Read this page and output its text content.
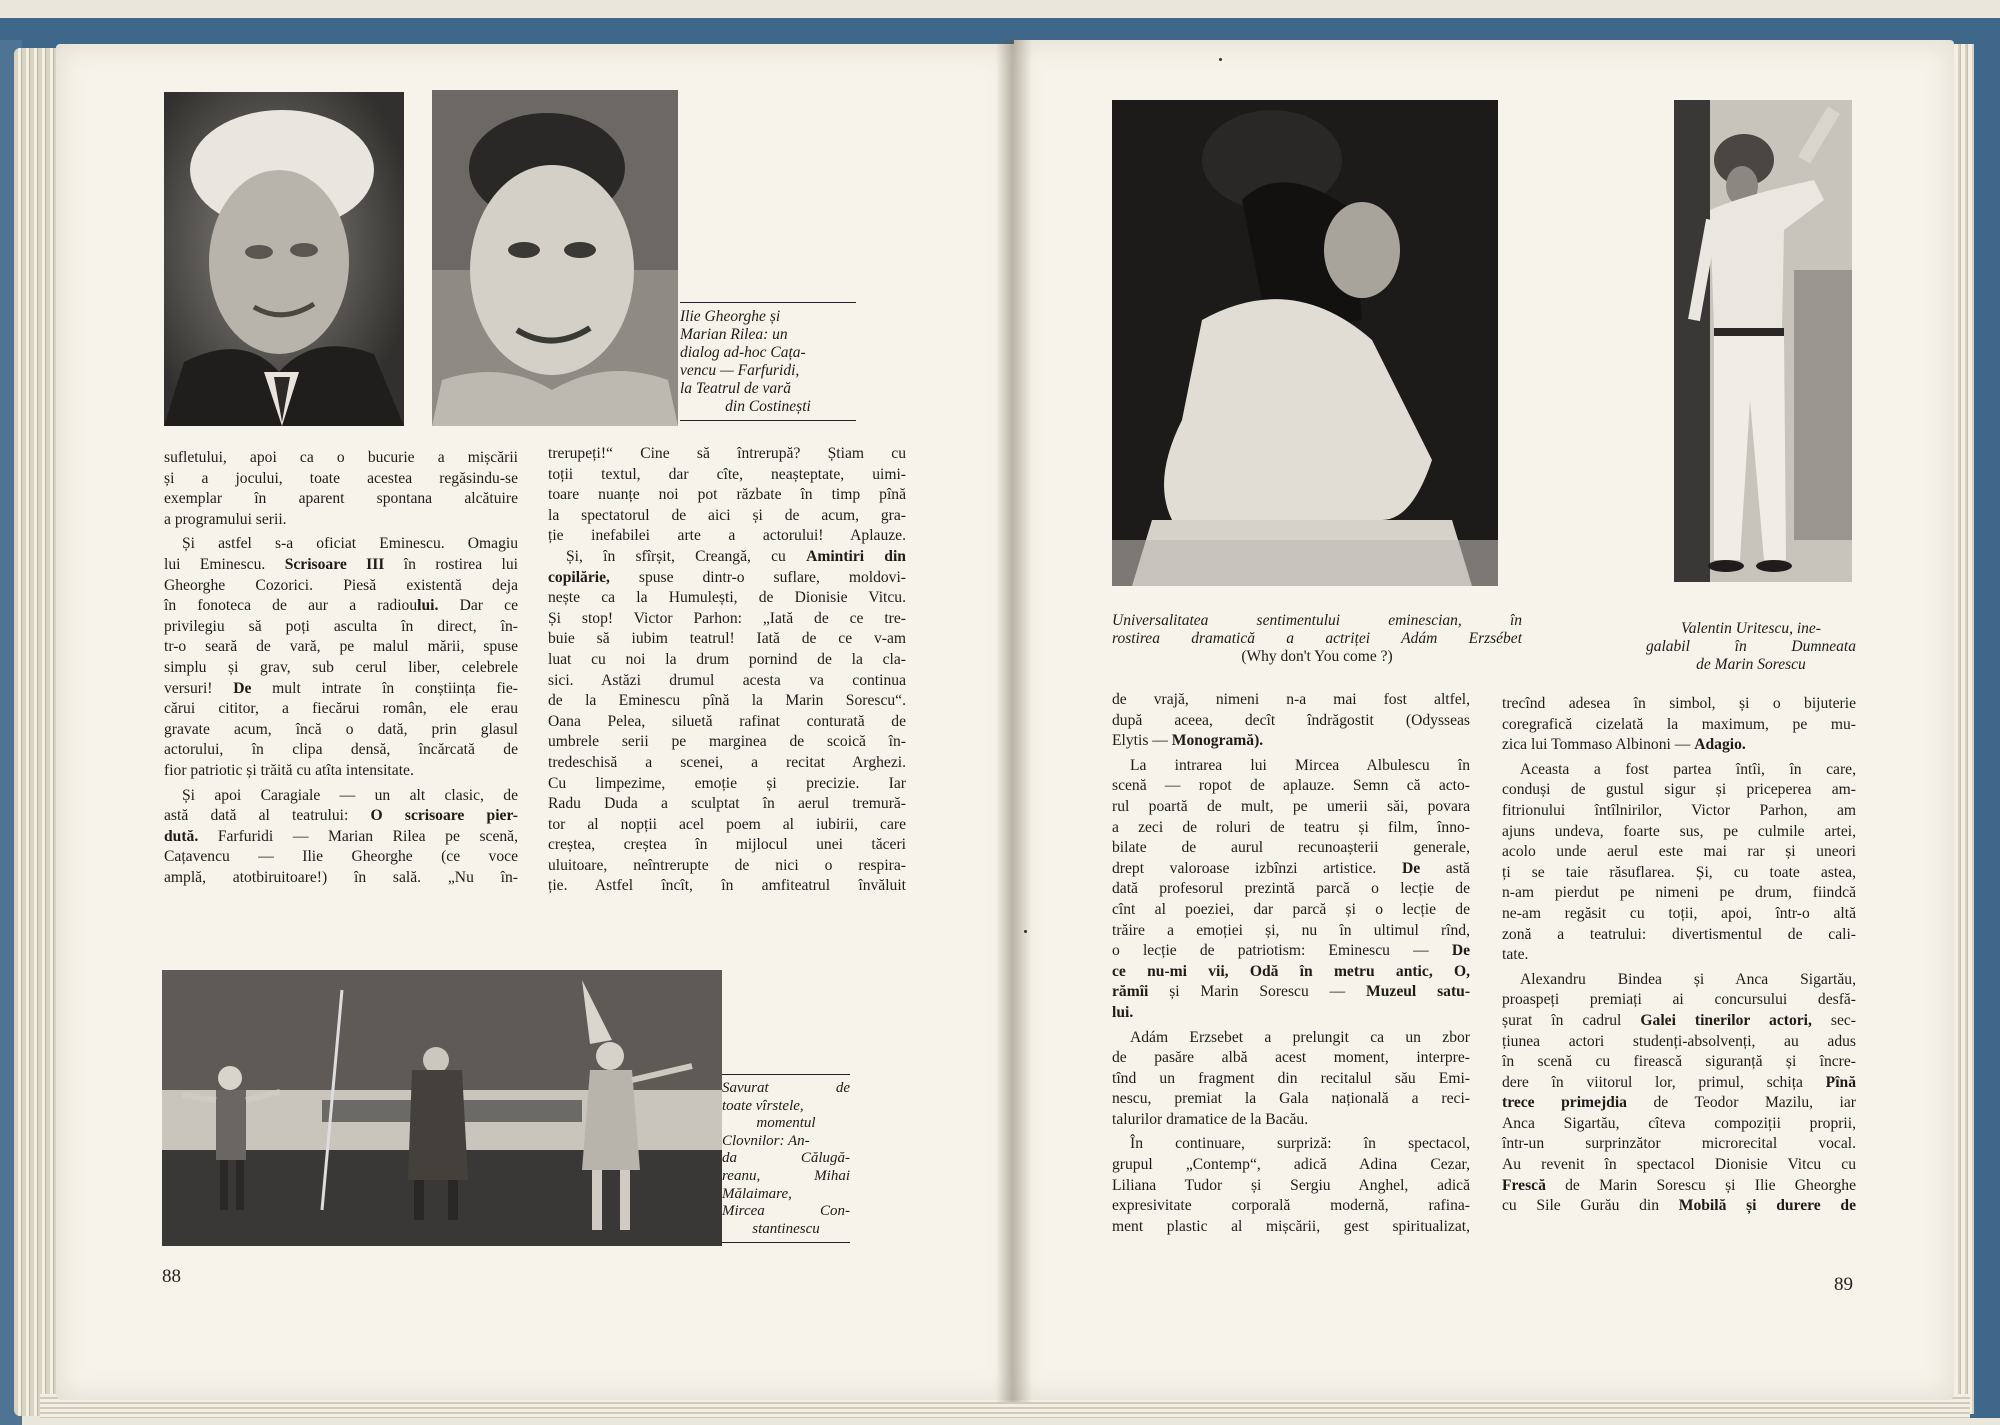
Ilie Gheorghe și
Marian Rilea: un
dialog ad-hoc Cața-
vencu — Farfuridi,
la Teatrul de vară
din Costinești
sufletului, apoi ca o bucurie a mișcării
și a jocului, toate acestea regăsindu-se
exemplar în aparent spontana alcătuire
a programului serii.
Și astfel s-a oficiat Eminescu. Omagiu
lui Eminescu. Scrisoare III în rostirea lui
Gheorghe Cozorici. Piesă existentă deja
în fonoteca de aur a radioului. Dar ce
privilegiu să poți asculta în direct, în-
tr-o seară de vară, pe malul mării, spuse
simplu și grav, sub cerul liber, celebrele
versuri! De mult intrate în conștiința fie-
cărui cititor, a fiecărui român, ele erau
gravate acum, încă o dată, prin glasul
actorului, în clipa densă, încărcată de
fior patriotic și trăită cu atîta intensitate.
Și apoi Caragiale — un alt clasic, de
astă dată al teatrului: O scrisoare pier-
dută. Farfuridi — Marian Rilea pe scenă,
Cațavencu — Ilie Gheorghe (ce voce
amplă, atotbiruitoare!) în sală. „Nu în-
trerupeți!“ Cine să întrerupă? Știam cu
toții textul, dar cîte, neașteptate, uimi-
toare nuanțe noi pot răzbate în timp pînă
la spectatorul de aici și de acum, gra-
ție inefabilei arte a actorului! Aplauze.
Și, în sfîrșit, Creangă, cu Amintiri din
copilărie, spuse dintr-o suflare, moldovi-
nește ca la Humulești, de Dionisie Vitcu.
Și stop! Victor Parhon: „Iată de ce tre-
buie să iubim teatrul! Iată de ce v-am
luat cu noi la drum pornind de la cla-
sici. Astăzi drumul acesta va continua
de la Eminescu pînă la Marin Sorescu“.
Oana Pelea, siluetă rafinat conturată de
umbrele serii pe marginea de scoică în-
tredeschisă a scenei, a recitat Arghezi.
Cu limpezime, emoție și precizie. Iar
Radu Duda a sculptat în aerul tremură-
tor al nopții acel poem al iubirii, care
creștea, creștea în mijlocul unei tăceri
uluitoare, neîntrerupte de nici o respira-
ție. Astfel încît, în amfiteatrul învăluit
Savurat de
toate vîrstele,
momentul
Clovnilor: An-
da Călugă-
reanu, Mihai
Mălaimare,
Mircea Con-
stantinescu
88
Universalitatea sentimentului eminescian, în
rostirea dramatică a actriței Adám Erzsébet
(Why don't You come ?)
Valentin Uritescu, ine-
galabil în Dumneata
de Marin Sorescu
de vrajă, nimeni n-a mai fost altfel,
după aceea, decît îndrăgostit (Odysseas
Elytis — Monogramă).
La intrarea lui Mircea Albulescu în
scenă — ropot de aplauze. Semn că acto-
rul poartă de mult, pe umerii săi, povara
a zeci de roluri de teatru și film, înno-
bilate de aurul recunoașterii generale,
drept valoroase izbînzi artistice. De astă
dată profesorul prezintă parcă o lecție de
cînt al poeziei, dar parcă și o lecție de
trăire a emoției și, nu în ultimul rînd,
o lecție de patriotism: Eminescu — De
ce nu-mi vii, Odă în metru antic, O,
rămîi și Marin Sorescu — Muzeul satu-
lui.
Adám Erzsebet a prelungit ca un zbor
de pasăre albă acest moment, interpre-
tînd un fragment din recitalul său Emi-
nescu, premiat la Gala națională a reci-
talurilor dramatice de la Bacău.
În continuare, surpriză: în spectacol,
grupul „Contemp“, adică Adina Cezar,
Liliana Tudor și Sergiu Anghel, adică
expresivitate corporală modernă, rafina-
ment plastic al mișcării, gest spiritualizat,
trecînd adesea în simbol, și o bijuterie
coregrafică cizelată la maximum, pe mu-
zica lui Tommaso Albinoni — Adagio.
Aceasta a fost partea întîi, în care,
conduși de gustul sigur și priceperea am-
fitrionului întîlnirilor, Victor Parhon, am
ajuns undeva, foarte sus, pe culmile artei,
acolo unde aerul este mai rar și uneori
ți se taie răsuflarea. Și, cu toate astea,
n-am pierdut pe nimeni pe drum, fiindcă
ne-am regăsit cu toții, apoi, într-o altă
zonă a teatrului: divertismentul de cali-
tate.
Alexandru Bindea și Anca Sigartău,
proaspeți premiați ai concursului desfă-
șurat în cadrul Galei tinerilor actori, sec-
țiunea actori studenți-absolvenți, au adus
în scenă cu firească siguranță și încre-
dere în viitorul lor, primul, schița Pînă
trece primejdia de Teodor Mazilu, iar
Anca Sigartău, cîteva compoziții proprii,
într-un surprinzător microrecital vocal.
Au revenit în spectacol Dionisie Vitcu cu
Frescă de Marin Sorescu și Ilie Gheorghe
cu Sile Gurău din Mobilă și durere de
89
